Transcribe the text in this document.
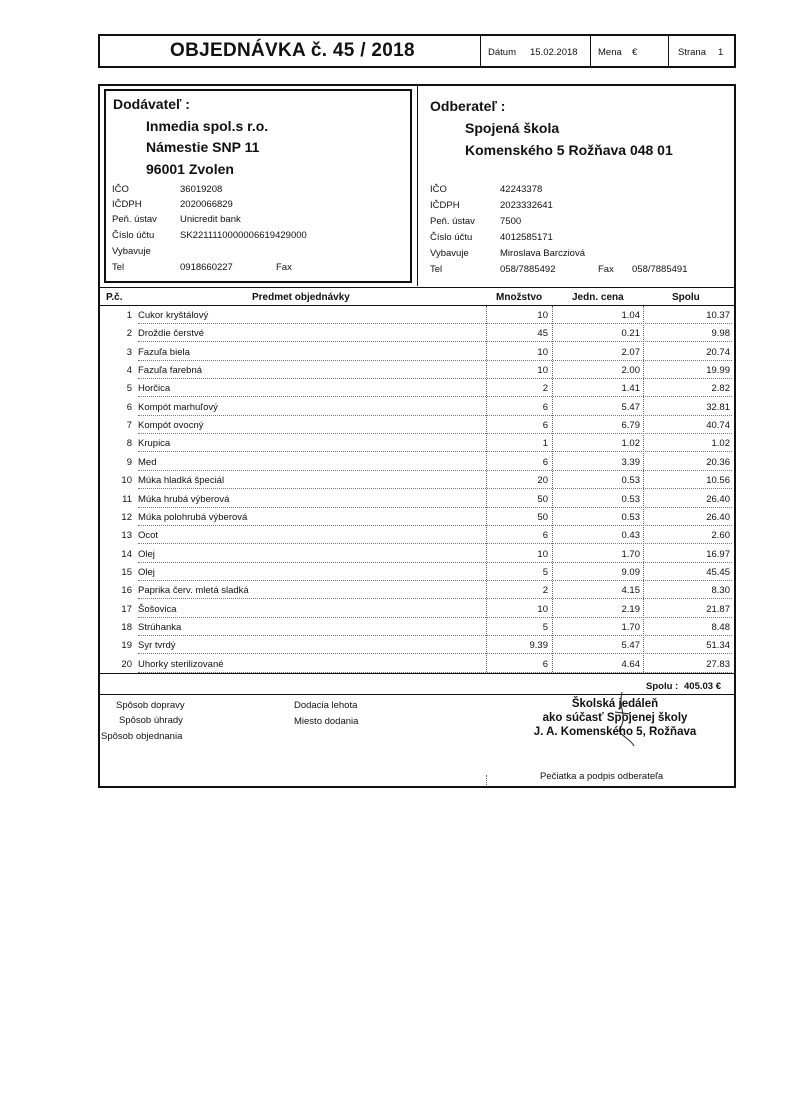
OBJEDNÁVKA č. 45 / 2018	Dátum 15.02.2018 Mena €	Strana 1
Dodávateľ :
Inmedia spol.s r.o.
Námestie SNP 11
96001 Zvolen
IČO	36019208
IČDPH	2020066829
Peň. ústav Unicredit bank
Číslo účtu	SK2211110000006619429000
Vybavuje
Tel	0918660227	Fax
Odberateľ :
Spojená škola
Komenského 5 Rožňava 048 01
IČO	42243378
IČDPH	2023332641
Peň. ústav	7500
Číslo účtu	4012585171
Vybavuje	Miroslava Barcziová
Tel	058/7885492	Fax 058/7885491
P.č.	Predmet objednávky	Množstvo	Jedn. cena	Spolu
1 Cukor kryštálový	10	1.04	10.37
2 Droždie čerstvé	45	0.21	9.98
3 Fazuľa biela	10	2.07	20.74
4 Fazuľa farebná	10	2.00	19.99
5 Horčica	2	1.41	2.82
6 Kompót marhuľový	6	5.47	32.81
7 Kompót ovocný	6	6.79	40.74
8 Krupica	1	1.02	1.02
9 Med	6	3.39	20.36
10 Múka hladká špeciál	20	0.53	10.56
11 Múka hrubá výberová	50	0.53	26.40
12 Múka polohrubá výberová	50	0.53	26.40
13 Ocot	6	0.43	2.60
14 Olej	10	1.70	16.97
15 Olej	5	9.09	45.45
16 Paprika červ. mletá sladká	2	4.15	8.30
17 Šošovica	10	2.19	21.87
18 Strúhanka	5	1.70	8.48
19 Syr tvrdý	9.39	5.47	51.34
20 Uhorky sterilizované	6	4.64	27.83
Spolu : 405.03 €
Spôsob dopravy
Spôsob úhrady
Spôsob objednania
Dodacia lehota
Miesto dodania
Školská jedáleň
ako súčasť Spojenej školy
J. A. Komenského 5, Rožňava
Pečiatka a podpis odberateľa
